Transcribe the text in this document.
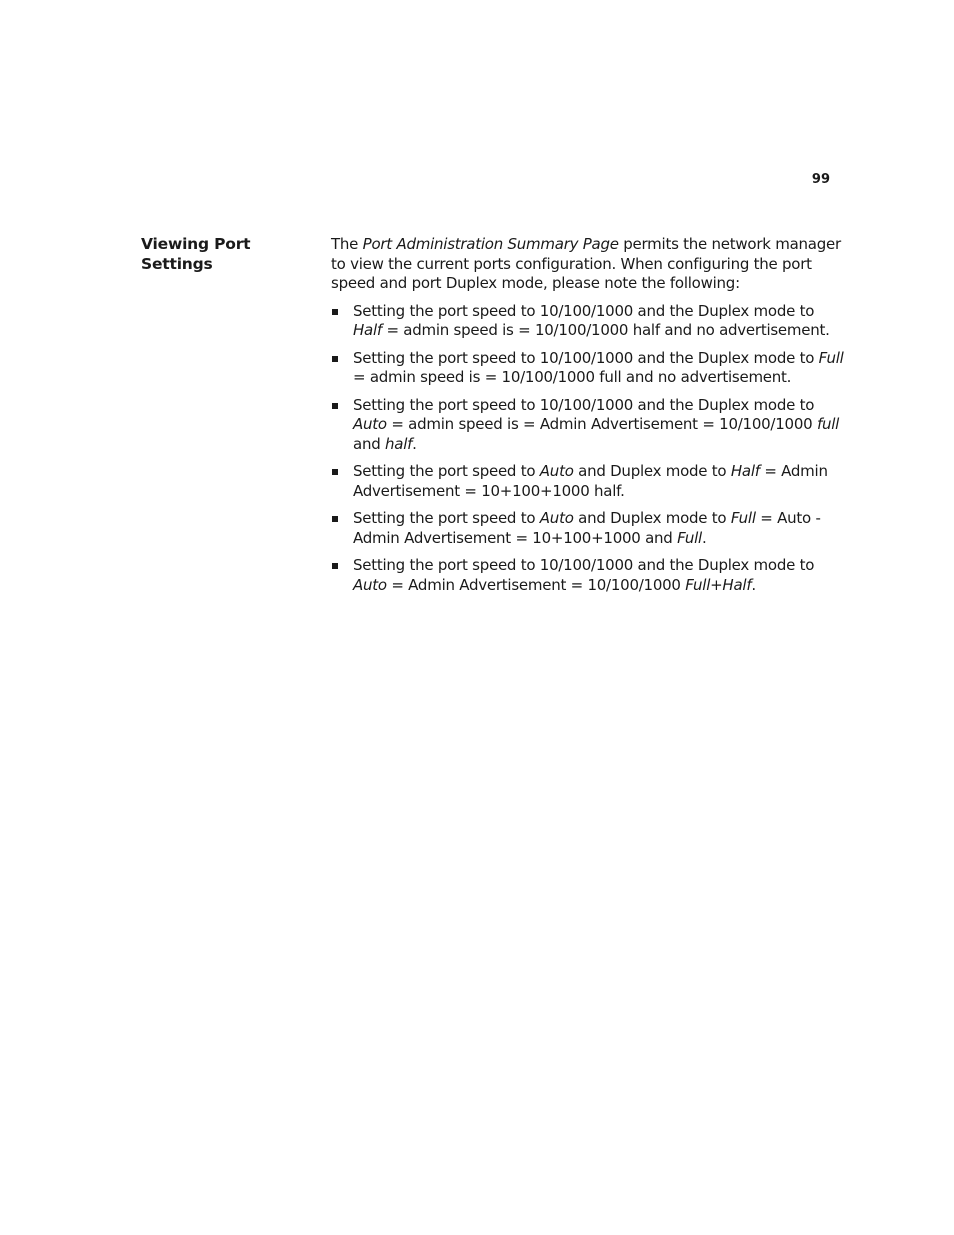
99
Viewing Port Settings

The Port Administration Summary Page permits the network manager to view the current ports configuration. When configuring the port speed and port Duplex mode, please note the following:

Setting the port speed to 10/100/1000 and the Duplex mode to Half = admin speed is = 10/100/1000 half and no advertisement.
Setting the port speed to 10/100/1000 and the Duplex mode to Full = admin speed is = 10/100/1000 full and no advertisement.
Setting the port speed to 10/100/1000 and the Duplex mode to Auto = admin speed is = Admin Advertisement = 10/100/1000 full and half.
Setting the port speed to Auto and Duplex mode to Half = Admin Advertisement = 10+100+1000 half.
Setting the port speed to Auto and Duplex mode to Full = Auto - Admin Advertisement = 10+100+1000 and Full.
Setting the port speed to 10/100/1000 and the Duplex mode to Auto = Admin Advertisement = 10/100/1000 Full+Half.
